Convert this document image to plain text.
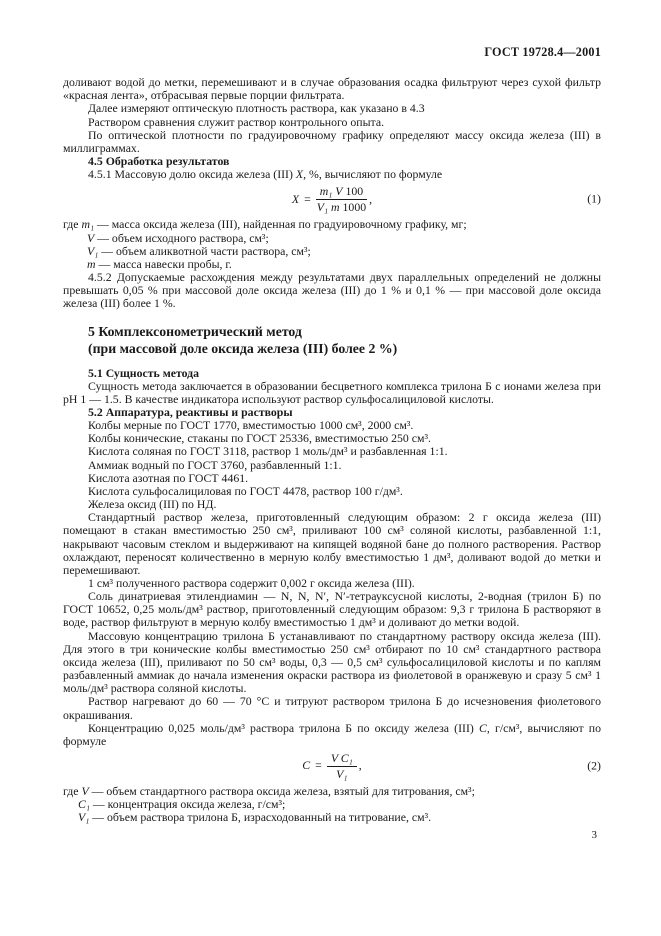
ГОСТ 19728.4—2001

доливают водой до метки, перемешивают и в случае образования осадка фильтруют через сухой фильтр «красная лента», отбрасывая первые порции фильтрата.

Далее измеряют оптическую плотность раствора, как указано в 4.3

Раствором сравнения служит раствор контрольного опыта.

По оптической плотности по градуировочному графику определяют массу оксида железа (III) в миллиграммах.

4.5 Обработка результатов

4.5.1 Массовую долю оксида железа (III) X, %, вычисляют по формуле

$X = \frac{\text{m₁ V 100}}{\text{V₁ m 1000}}$ ,	(1)
где m₁ — масса оксида железа (III), найденная по градуировочному графику, мг;
V — объем исходного раствора, см³;
V₁ — объем аликвотной части раствора, см³;
m — масса навески пробы, г.

4.5.2 Допускаемые расхождения между результатами двух параллельных определений не должны превышать 0,05 % при массовой доле оксида железа (III) до 1 % и 0,1 % — при массовой доле оксида железа (III) более 1 %.

5 Комплексонометрический метод
(при массовой доле оксида железа (III) более 2 %)

5.1 Сущность метода

Сущность метода заключается в образовании бесцветного комплекса трилона Б с ионами железа при рН 1 — 1.5. В качестве индикатора используют раствор сульфосалициловой кислоты.

5.2 Аппаратура, реактивы и растворы

Колбы мерные по ГОСТ 1770, вместимостью 1000 см³, 2000 см³.

Колбы конические, стаканы по ГОСТ 25336, вместимостью 250 см³.

Кислота соляная по ГОСТ 3118, раствор 1 моль/дм³ и разбавленная 1:1.

Аммиак водный по ГОСТ 3760, разбавленный 1:1.

Кислота азотная по ГОСТ 4461.

Кислота сульфосалициловая по ГОСТ 4478, раствор 100 г/дм³.

Железа оксид (III) по НД.

Стандартный раствор железа, приготовленный следующим образом: 2 г оксида железа (III) помещают в стакан вместимостью 250 см³, приливают 100 см³ соляной кислоты, разбавленной 1:1, накрывают часовым стеклом и выдерживают на кипящей водяной бане до полного растворения. Раствор охлаждают, переносят количественно в мерную колбу вместимостью 1 дм³, доливают водой до метки и перемешивают.

1 см³ полученного раствора содержит 0,002 г оксида железа (III).

Соль динатриевая этилендиамин — N, N, N′, N′-тетрауксусной кислоты, 2-водная (трилон Б) по ГОСТ 10652, 0,25 моль/дм³ раствор, приготовленный следующим образом: 9,3 г трилона Б растворяют в воде, раствор фильтруют в мерную колбу вместимостью 1 дм³ и доливают до метки водой.

Массовую концентрацию трилона Б устанавливают по стандартному раствору оксида железа (III). Для этого в три конические колбы вместимостью 250 см³ отбирают по 10 см³ стандартного раствора оксида железа (III), приливают по 50 см³ воды, 0,3 — 0,5 см³ сульфосалициловой кислоты и по каплям разбавленный аммиак до начала изменения окраски раствора из фиолетовой в оранжевую и сразу 5 см³ 1 моль/дм³ раствора соляной кислоты.

Раствор нагревают до 60 — 70 °С и титруют раствором трилона Б до исчезновения фиолетового окрашивания.

Концентрацию 0,025 моль/дм³ раствора трилона Б по оксиду железа (III) C, г/см³, вычисляют по формуле

$C = \frac{\text{V C₁}}{\text{V₁}}$ ,	(2)
где V — объем стандартного раствора оксида железа, взятый для титрования, см³;
C₁ — концентрация оксида железа, г/см³;
V₁ — объем раствора трилона Б, израсходованный на титрование, см³.
3
